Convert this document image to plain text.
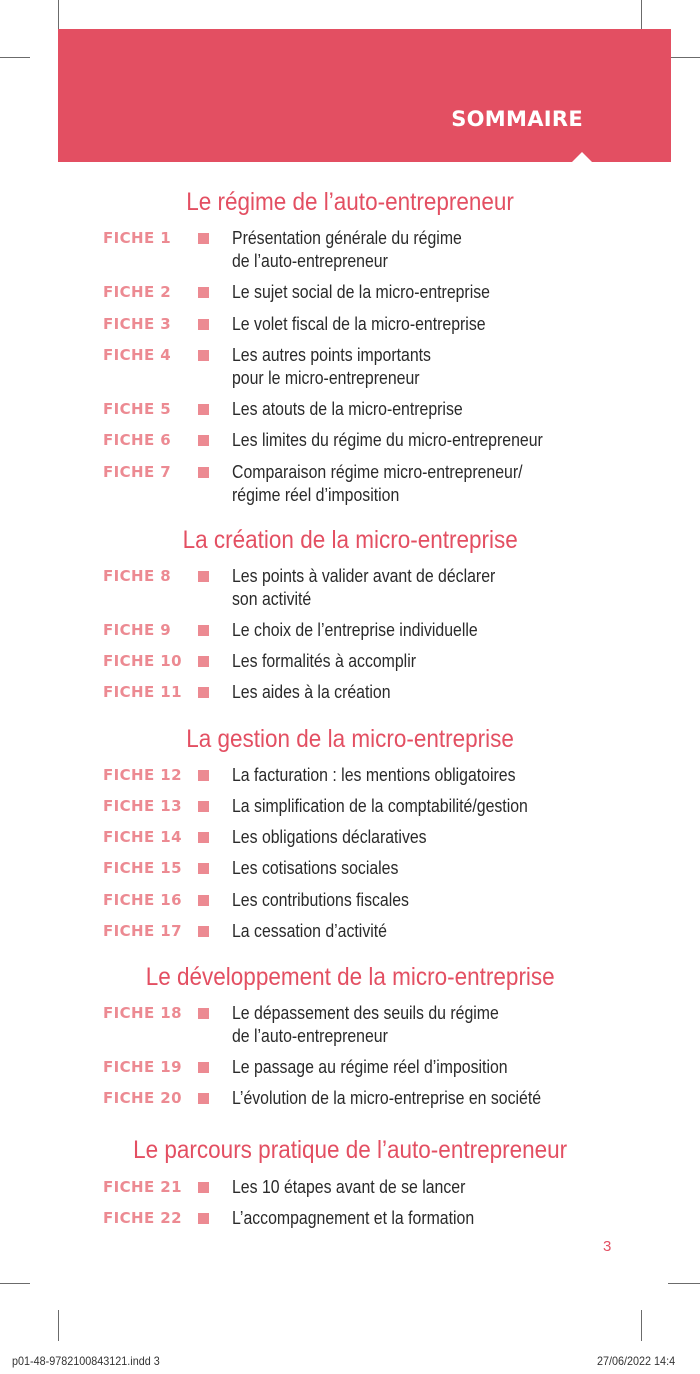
SOMMAIRE
Le régime de l’auto-entrepreneur
FICHE 1	Présentation générale du régime
de l’auto-entrepreneur
FICHE 2	Le sujet social de la micro-entreprise
FICHE 3	Le volet fiscal de la micro-entreprise
FICHE 4	Les autres points importants
pour le micro-entrepreneur
FICHE 5	Les atouts de la micro-entreprise
FICHE 6	Les limites du régime du micro-entrepreneur
FICHE 7	Comparaison régime micro-entrepreneur/
régime réel d’imposition
La création de la micro-entreprise
FICHE 8	Les points à valider avant de déclarer
son activité
FICHE 9	Le choix de l’entreprise individuelle
FICHE 10	Les formalités à accomplir
FICHE 11	Les aides à la création
La gestion de la micro-entreprise
FICHE 12	La facturation : les mentions obligatoires
FICHE 13	La simplification de la comptabilité/gestion
FICHE 14	Les obligations déclaratives
FICHE 15	Les cotisations sociales
FICHE 16	Les contributions fiscales
FICHE 17	La cessation d’activité
Le développement de la micro-entreprise
FICHE 18	Le dépassement des seuils du régime
de l’auto-entrepreneur
FICHE 19	Le passage au régime réel d’imposition
FICHE 20	L’évolution de la micro-entreprise en société
Le parcours pratique de l’auto-entrepreneur
FICHE 21	Les 10 étapes avant de se lancer
FICHE 22	L’accompagnement et la formation
3
p01-48-9782100843121.indd 3	27/06/2022 14:4
